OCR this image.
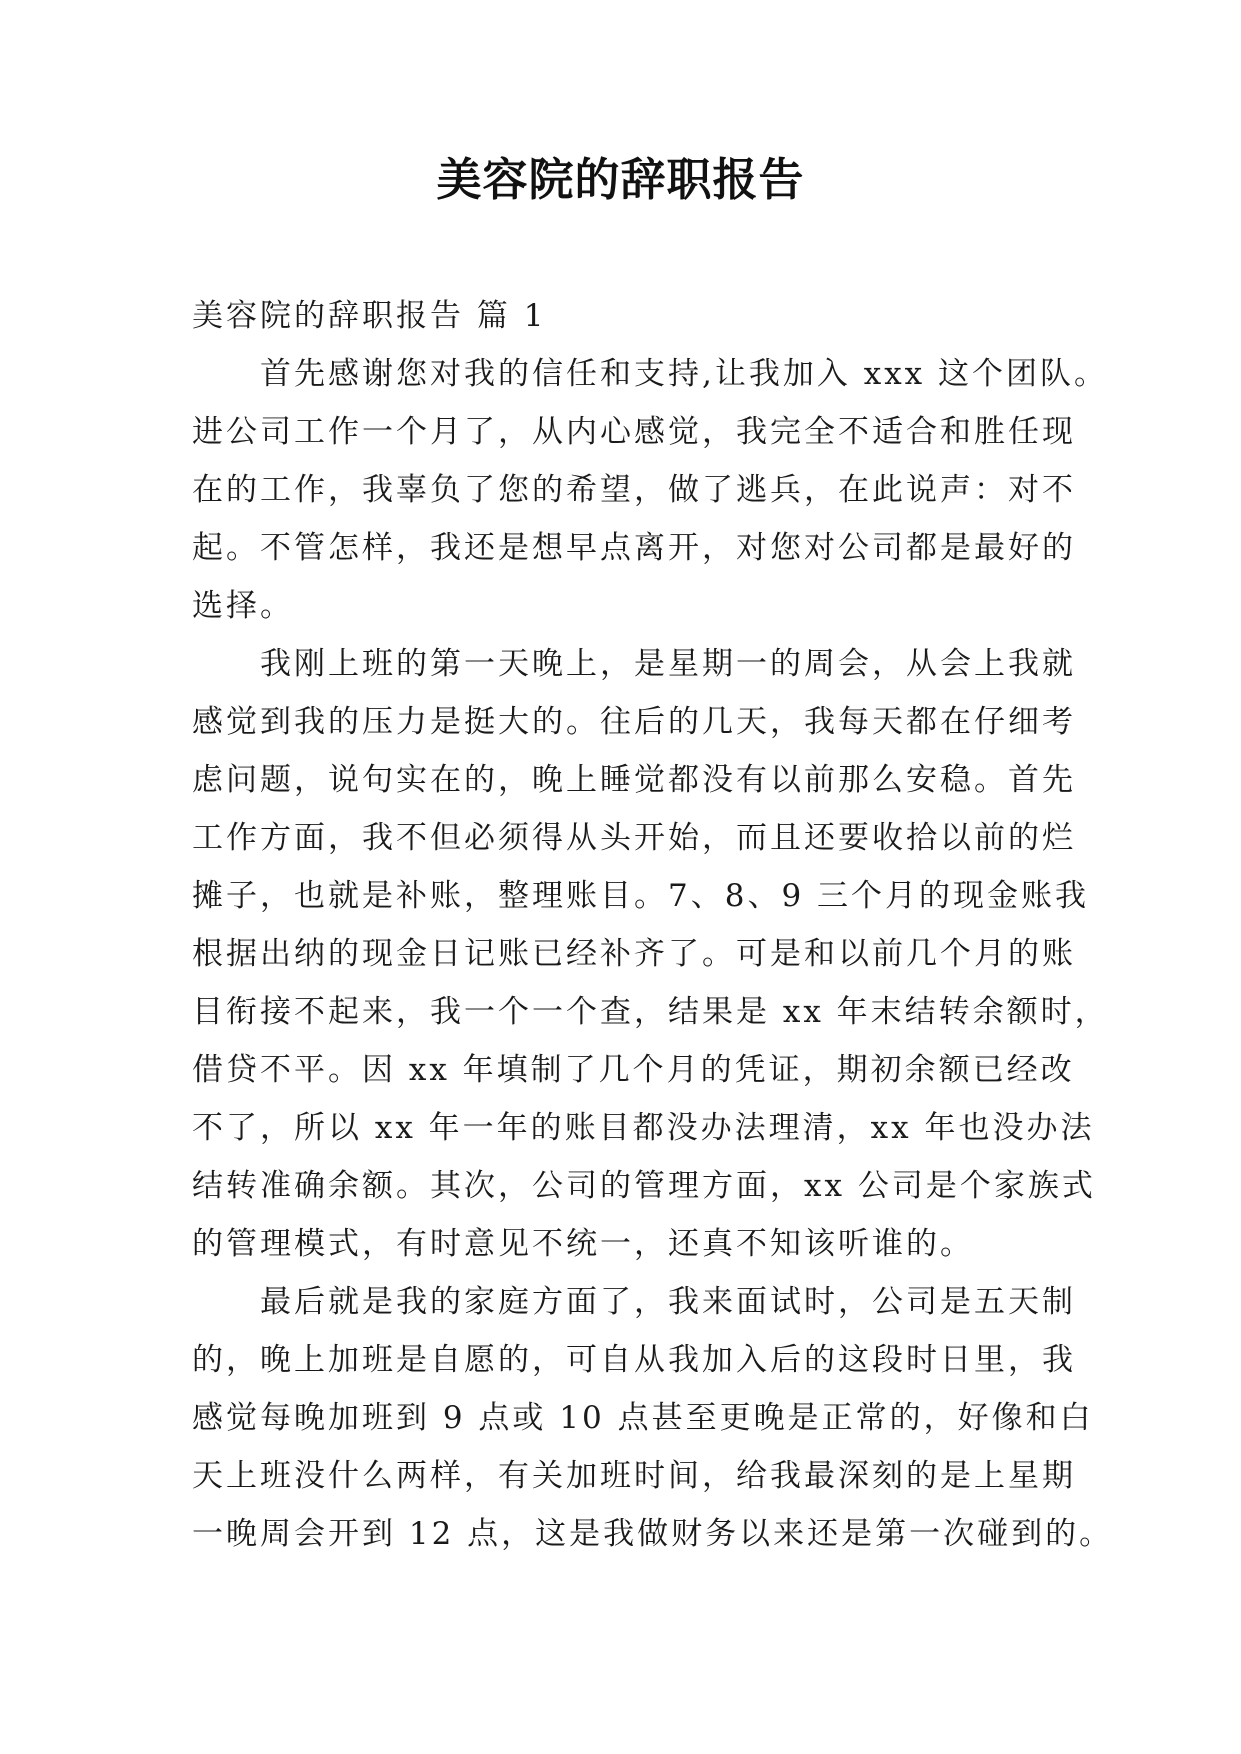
美容院的辞职报告
美容院的辞职报告 篇 1
首先感谢您对我的信任和支持,让我加入 xxx 这个团队。
进公司工作一个月了，从内心感觉，我完全不适合和胜任现
在的工作，我辜负了您的希望，做了逃兵，在此说声：对不
起。不管怎样，我还是想早点离开，对您对公司都是最好的
选择。
我刚上班的第一天晚上，是星期一的周会，从会上我就
感觉到我的压力是挺大的。往后的几天，我每天都在仔细考
虑问题，说句实在的，晚上睡觉都没有以前那么安稳。首先
工作方面，我不但必须得从头开始，而且还要收拾以前的烂
摊子，也就是补账，整理账目。7、8、9 三个月的现金账我
根据出纳的现金日记账已经补齐了。可是和以前几个月的账
目衔接不起来，我一个一个查，结果是 xx 年末结转余额时，
借贷不平。因 xx 年填制了几个月的凭证，期初余额已经改
不了，所以 xx 年一年的账目都没办法理清，xx 年也没办法
结转准确余额。其次，公司的管理方面，xx 公司是个家族式
的管理模式，有时意见不统一，还真不知该听谁的。
最后就是我的家庭方面了，我来面试时，公司是五天制
的，晚上加班是自愿的，可自从我加入后的这段时日里，我
感觉每晚加班到 9 点或 10 点甚至更晚是正常的，好像和白
天上班没什么两样，有关加班时间，给我最深刻的是上星期
一晚周会开到 12 点，这是我做财务以来还是第一次碰到的。
